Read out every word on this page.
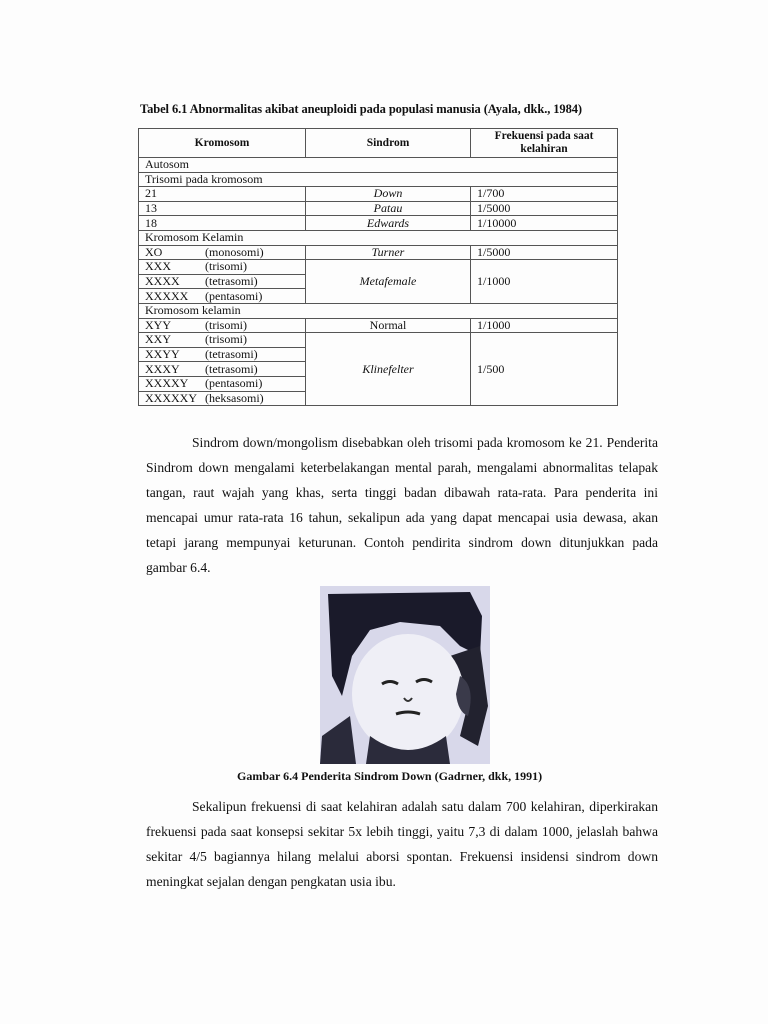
Tabel 6.1 Abnormalitas akibat aneuploidi pada populasi manusia (Ayala, dkk., 1984)
Kromosom	Sindrom	Frekuensi pada saat kelahiran
Autosom		
Trisomi pada kromosom		
21	Down	1/700
13	Patau	1/5000
18	Edwards	1/10000
Kromosom Kelamin		
XO (monosomi)	Turner	1/5000
XXX (trisomi)	Metafemale	1/1000
XXXX (tetrasomi)		
XXXXX (pentasomi)		
Kromosom kelamin		
XYY (trisomi)	Normal	1/1000
XXY (trisomi)	Klinefelter	1/500
XXYY (tetrasomi)		
XXXY (tetrasomi)		
XXXXY (pentasomi)		
XXXXXY (heksasomi)		
Sindrom down/mongolism disebabkan oleh trisomi pada kromosom ke 21. Penderita Sindrom down mengalami keterbelakangan mental parah, mengalami abnormalitas telapak tangan, raut wajah yang khas, serta tinggi badan dibawah rata-rata. Para penderita ini mencapai umur rata-rata 16 tahun, sekalipun ada yang dapat mencapai usia dewasa, akan tetapi jarang mempunyai keturunan. Contoh pendirita sindrom down ditunjukkan pada gambar 6.4.
Gambar 6.4 Penderita Sindrom Down (Gadrner, dkk, 1991)
Sekalipun frekuensi di saat kelahiran adalah satu dalam 700 kelahiran, diperkirakan frekuensi pada saat konsepsi sekitar 5x lebih tinggi, yaitu 7,3 di dalam 1000, jelaslah bahwa sekitar 4/5 bagiannya hilang melalui aborsi spontan. Frekuensi insidensi sindrom down meningkat sejalan dengan pengkatan usia ibu.
